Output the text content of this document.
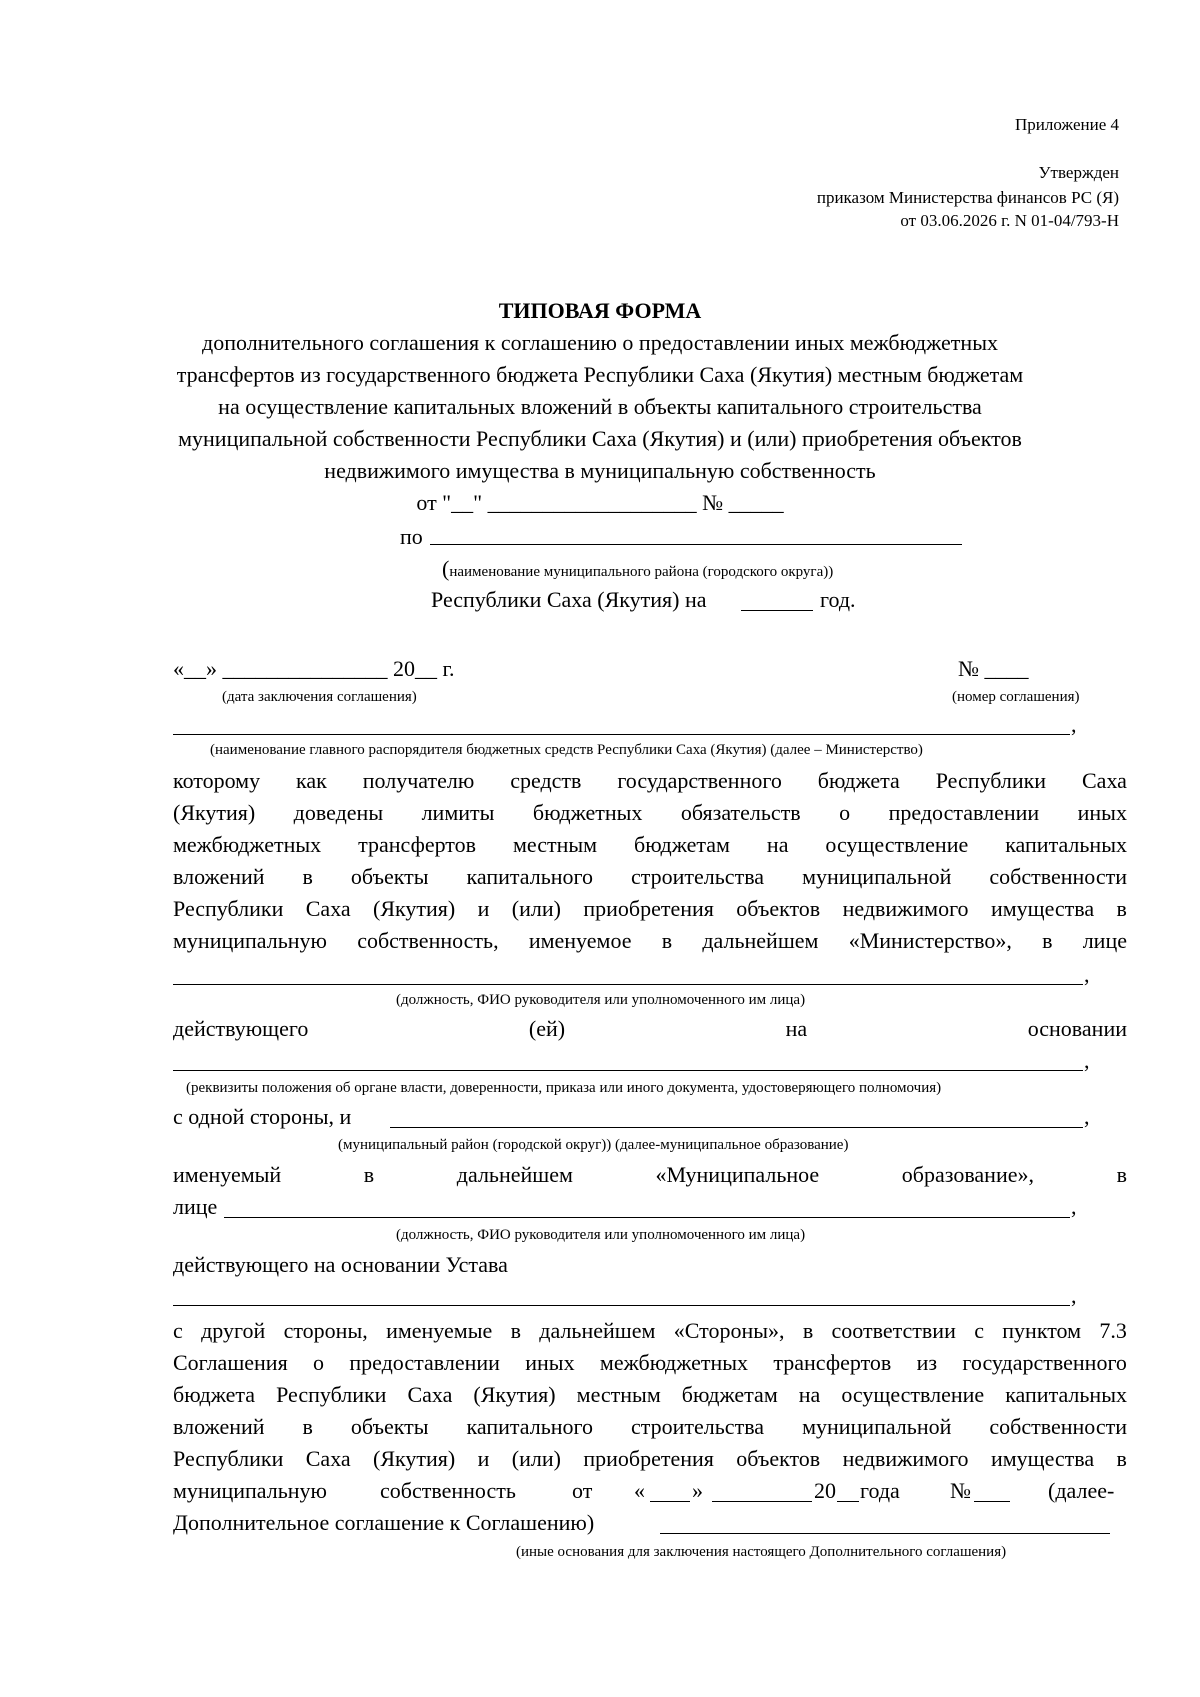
Приложение 4
Утвержден
приказом Министерства финансов РС (Я)
от 03.06.2026 г. N 01-04/793-Н
ТИПОВАЯ ФОРМА
дополнительного соглашения к соглашению о предоставлении иных межбюджетных
трансфертов из государственного бюджета Республики Саха (Якутия) местным бюджетам
на осуществление капитальных вложений в объекты капитального строительства
муниципальной собственности Республики Саха (Якутия) и (или) приобретения объектов
недвижимого имущества в муниципальную собственность
от "__" ___________________ № _____
по
(наименование муниципального района (городского округа))
Республики Саха (Якутия) на	год.
«__» _______________ 20__ г.	№ ____
(дата заключения соглашения)	(номер соглашения)
,
(наименование главного распорядителя бюджетных средств Республики Саха (Якутия) (далее – Министерство)
которому как получателю средств государственного бюджета Республики Саха
(Якутия) доведены лимиты бюджетных обязательств о предоставлении иных
межбюджетных трансфертов местным бюджетам на осуществление капитальных
вложений в объекты капитального строительства муниципальной собственности
Республики Саха (Якутия) и (или) приобретения объектов недвижимого имущества в
муниципальную собственность, именуемое в дальнейшем «Министерство», в лице
,
(должность, ФИО руководителя или уполномоченного им лица)
действующего	(ей)	на	основании
,
(реквизиты положения об органе власти, доверенности, приказа или иного документа, удостоверяющего полномочия)
с одной стороны, и	,
(муниципальный район (городской округ)) (далее-муниципальное образование)
именуемый	в	дальнейшем	«Муниципальное	образование»,	в
лице	,
(должность, ФИО руководителя или уполномоченного им лица)
действующего на основании Устава
,
с другой стороны, именуемые в дальнейшем «Стороны», в соответствии с пунктом 7.3
Соглашения о предоставлении иных межбюджетных трансфертов из государственного
бюджета Республики Саха (Якутия) местным бюджетам на осуществление капитальных
вложений в объекты капитального строительства муниципальной собственности
Республики Саха (Якутия) и (или) приобретения объектов недвижимого имущества в
муниципальную собственность	от « »	20 года №	(далее-
Дополнительное соглашение к Соглашению)
(иные основания для заключения настоящего Дополнительного соглашения)
